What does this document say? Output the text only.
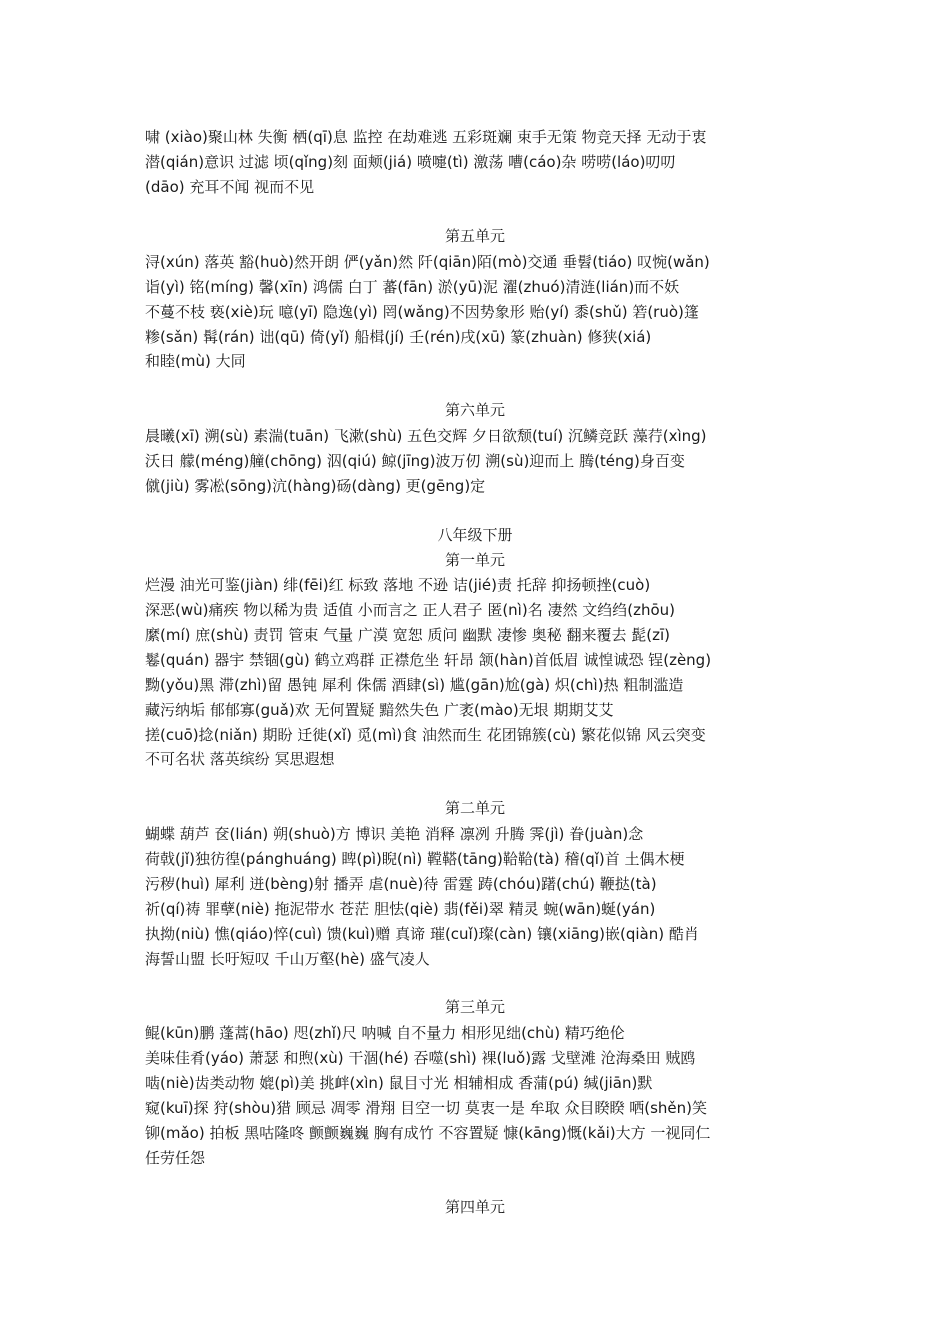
啸 (xiào)聚山林 失衡 栖(qī)息 监控 在劫难逃 五彩斑斓 束手无策 物竞天择 无动于衷
潜(qián)意识 过滤 顷(qǐng)刻 面颊(jiá) 喷嚏(tì) 激荡 嘈(cáo)杂 唠唠(láo)叨叨
(dāo) 充耳不闻 视而不见
第五单元
浔(xún) 落英 豁(huò)然开朗 俨(yǎn)然 阡(qiān)陌(mò)交通 垂髫(tiáo) 叹惋(wǎn)
诣(yì) 铭(míng) 馨(xīn) 鸿儒 白丁 蕃(fān) 淤(yū)泥 濯(zhuó)清涟(lián)而不妖
不蔓不枝 亵(xiè)玩 噫(yī) 隐逸(yì) 罔(wǎng)不因势象形 贻(yí) 黍(shǔ) 箬(ruò)篷
糁(sǎn) 髯(rán) 诎(qū) 倚(yǐ) 船楫(jí) 壬(rén)戌(xū) 篆(zhuàn) 修狭(xiá)
和睦(mù) 大同
第六单元
晨曦(xī) 溯(sù) 素湍(tuān) 飞漱(shù) 五色交辉 夕日欲颓(tuí) 沉鳞竞跃 藻荇(xìng)
沃日 艨(méng)艟(chōng) 泅(qiú) 鲸(jīng)波万仞 溯(sù)迎而上 腾(téng)身百变
僦(jiù) 雾凇(sōng)沆(hàng)砀(dàng) 更(gēng)定
八年级下册
第一单元
烂漫 油光可鉴(jiàn) 绯(fēi)红 标致 落地 不逊 诘(jié)责 托辞 抑扬顿挫(cuò)
深恶(wù)痛疾 物以稀为贵 适值 小而言之 正人君子 匿(nì)名 凄然 文绉绉(zhōu)
縻(mí) 庶(shù) 责罚 管束 气量 广漠 宽恕 质问 幽默 凄惨 奥秘 翻来覆去 髭(zī)
鬈(quán) 器宇 禁锢(gù) 鹤立鸡群 正襟危坐 轩昂 颔(hàn)首低眉 诚惶诚恐 锃(zèng)
黝(yǒu)黑 滞(zhì)留 愚钝 犀利 侏儒 酒肆(sì) 尴(gān)尬(gà) 炽(chì)热 粗制滥造
藏污纳垢 郁郁寡(guǎ)欢 无何置疑 黯然失色 广袤(mào)无垠 期期艾艾
搓(cuō)捻(niǎn) 期盼 迁徙(xǐ) 觅(mì)食 油然而生 花团锦簇(cù) 繁花似锦 风云突变
不可名状 落英缤纷 冥思遐想
第二单元
蝴蝶 葫芦 奁(lián) 朔(shuò)方 博识 美艳 消释 凛冽 升腾 霁(jì) 眷(juàn)念
荷戟(jǐ)独彷徨(pánghuáng) 睥(pì)睨(nì) 鞺鞳(tāng)鞈鞈(tà) 稽(qǐ)首 土偶木梗
污秽(huì) 犀利 迸(bèng)射 播弄 虐(nuè)待 雷霆 踌(chóu)躇(chú) 鞭挞(tà)
祈(qí)祷 罪孽(niè) 拖泥带水 苍茫 胆怯(qiè) 翡(fěi)翠 精灵 蜿(wān)蜒(yán)
执拗(niù) 憔(qiáo)悴(cuì) 馈(kuì)赠 真谛 璀(cuǐ)璨(càn) 镶(xiāng)嵌(qiàn) 酷肖
海誓山盟 长吁短叹 千山万壑(hè) 盛气凌人
第三单元
鲲(kūn)鹏 蓬蒿(hāo) 咫(zhǐ)尺 呐喊 自不量力 相形见绌(chù) 精巧绝伦
美味佳肴(yáo) 萧瑟 和煦(xù) 干涸(hé) 吞噬(shì) 裸(luǒ)露 戈壁滩 沧海桑田 贼鸥
啮(niè)齿类动物 媲(pì)美 挑衅(xìn) 鼠目寸光 相辅相成 香蒲(pú) 缄(jiān)默
窥(kuī)探 狩(shòu)猎 顾忌 凋零 滑翔 目空一切 莫衷一是 牟取 众目睽睽 哂(shěn)笑
铆(mǎo) 拍板 黑咕隆咚 颤颤巍巍 胸有成竹 不容置疑 慷(kāng)慨(kǎi)大方 一视同仁
任劳任怨
第四单元
